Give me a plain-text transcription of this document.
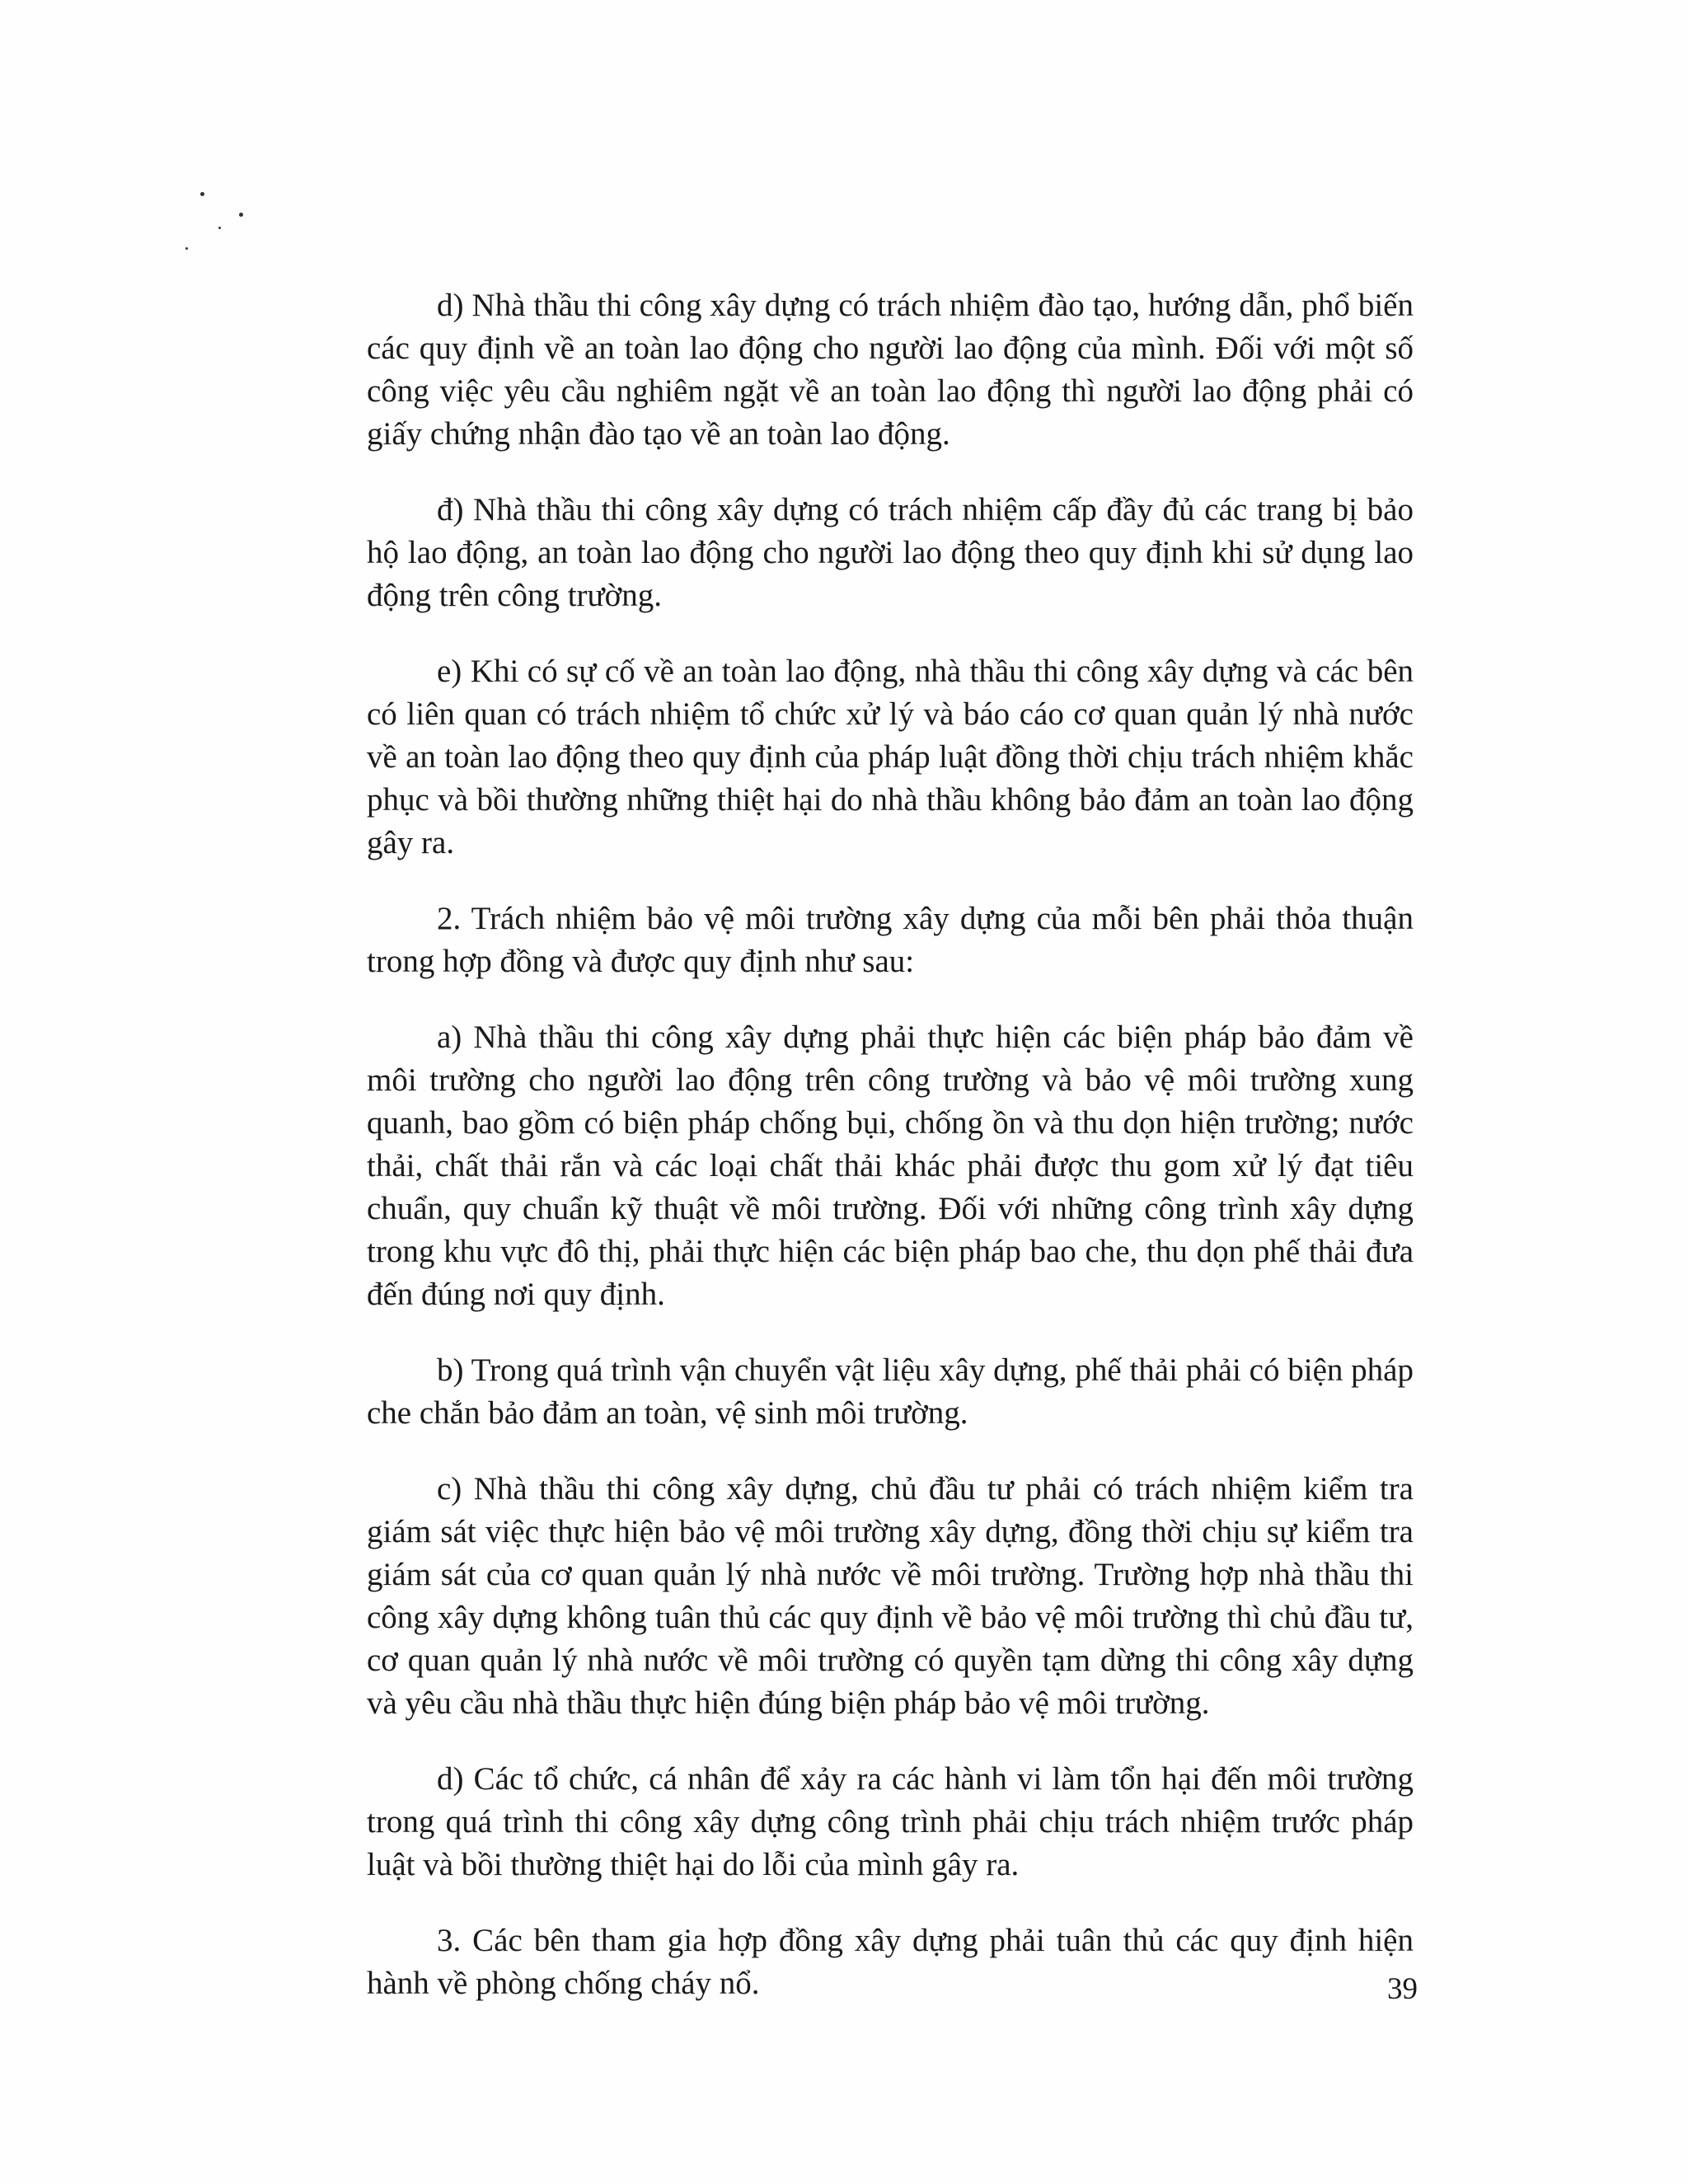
d) Nhà thầu thi công xây dựng có trách nhiệm đào tạo, hướng dẫn, phổ biến các quy định về an toàn lao động cho người lao động của mình. Đối với một số công việc yêu cầu nghiêm ngặt về an toàn lao động thì người lao động phải có giấy chứng nhận đào tạo về an toàn lao động.

đ) Nhà thầu thi công xây dựng có trách nhiệm cấp đầy đủ các trang bị bảo hộ lao động, an toàn lao động cho người lao động theo quy định khi sử dụng lao động trên công trường.

e) Khi có sự cố về an toàn lao động, nhà thầu thi công xây dựng và các bên có liên quan có trách nhiệm tổ chức xử lý và báo cáo cơ quan quản lý nhà nước về an toàn lao động theo quy định của pháp luật đồng thời chịu trách nhiệm khắc phục và bồi thường những thiệt hại do nhà thầu không bảo đảm an toàn lao động gây ra.

2. Trách nhiệm bảo vệ môi trường xây dựng của mỗi bên phải thỏa thuận trong hợp đồng và được quy định như sau:

a) Nhà thầu thi công xây dựng phải thực hiện các biện pháp bảo đảm về môi trường cho người lao động trên công trường và bảo vệ môi trường xung quanh, bao gồm có biện pháp chống bụi, chống ồn và thu dọn hiện trường; nước thải, chất thải rắn và các loại chất thải khác phải được thu gom xử lý đạt tiêu chuẩn, quy chuẩn kỹ thuật về môi trường. Đối với những công trình xây dựng trong khu vực đô thị, phải thực hiện các biện pháp bao che, thu dọn phế thải đưa đến đúng nơi quy định.

b) Trong quá trình vận chuyển vật liệu xây dựng, phế thải phải có biện pháp che chắn bảo đảm an toàn, vệ sinh môi trường.

c) Nhà thầu thi công xây dựng, chủ đầu tư phải có trách nhiệm kiểm tra giám sát việc thực hiện bảo vệ môi trường xây dựng, đồng thời chịu sự kiểm tra giám sát của cơ quan quản lý nhà nước về môi trường. Trường hợp nhà thầu thi công xây dựng không tuân thủ các quy định về bảo vệ môi trường thì chủ đầu tư, cơ quan quản lý nhà nước về môi trường có quyền tạm dừng thi công xây dựng và yêu cầu nhà thầu thực hiện đúng biện pháp bảo vệ môi trường.

d) Các tổ chức, cá nhân để xảy ra các hành vi làm tổn hại đến môi trường trong quá trình thi công xây dựng công trình phải chịu trách nhiệm trước pháp luật và bồi thường thiệt hại do lỗi của mình gây ra.

3. Các bên tham gia hợp đồng xây dựng phải tuân thủ các quy định hiện hành về phòng chống cháy nổ.	39
